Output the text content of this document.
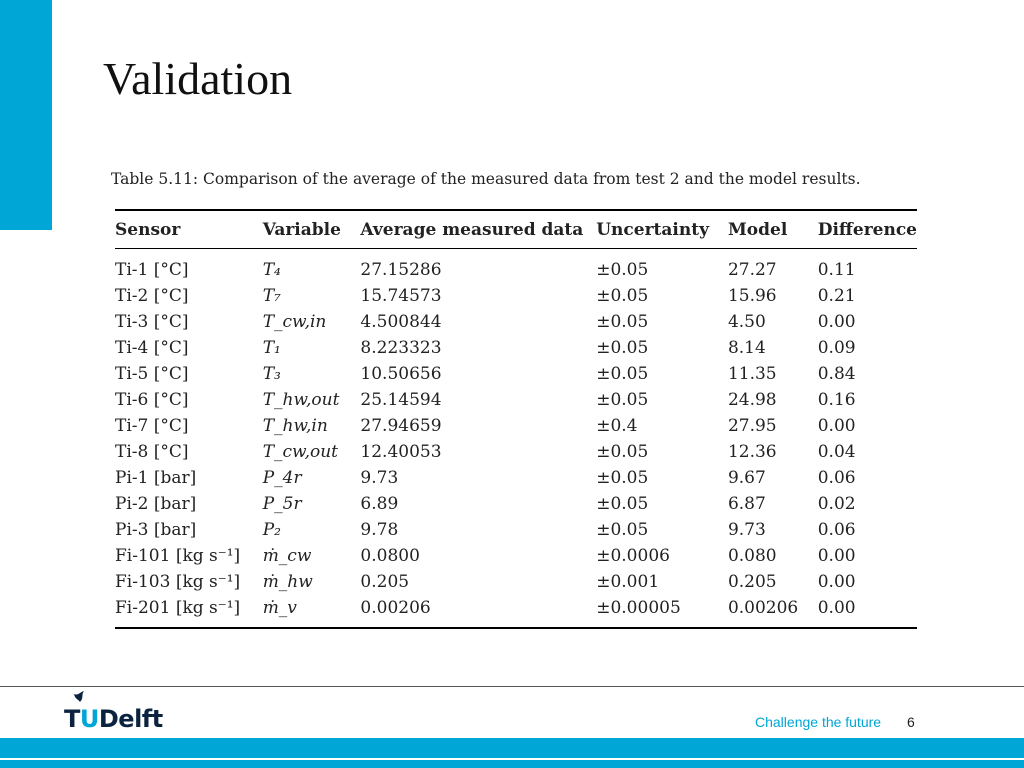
Validation
Table 5.11: Comparison of the average of the measured data from test 2 and the model results.
Sensor	Variable	Average measured data	Uncertainty	Model	Difference
Ti-1 [°C]	T₄	27.15286	±0.05	27.27	0.11
Ti-2 [°C]	T₇	15.74573	±0.05	15.96	0.21
Ti-3 [°C]	T_cw,in	4.500844	±0.05	4.50	0.00
Ti-4 [°C]	T₁	8.223323	±0.05	8.14	0.09
Ti-5 [°C]	T₃	10.50656	±0.05	11.35	0.84
Ti-6 [°C]	T_hw,out	25.14594	±0.05	24.98	0.16
Ti-7 [°C]	T_hw,in	27.94659	±0.4	27.95	0.00
Ti-8 [°C]	T_cw,out	12.40053	±0.05	12.36	0.04
Pi-1 [bar]	P_4r	9.73	±0.05	9.67	0.06
Pi-2 [bar]	P_5r	6.89	±0.05	6.87	0.02
Pi-3 [bar]	P₂	9.78	±0.05	9.73	0.06
Fi-101 [kg s⁻¹]	ṁ_cw	0.0800	±0.0006	0.080	0.00
Fi-103 [kg s⁻¹]	ṁ_hw	0.205	±0.001	0.205	0.00
Fi-201 [kg s⁻¹]	ṁ_v	0.00206	±0.00005	0.00206	0.00
TUDelft	Challenge the future 6
